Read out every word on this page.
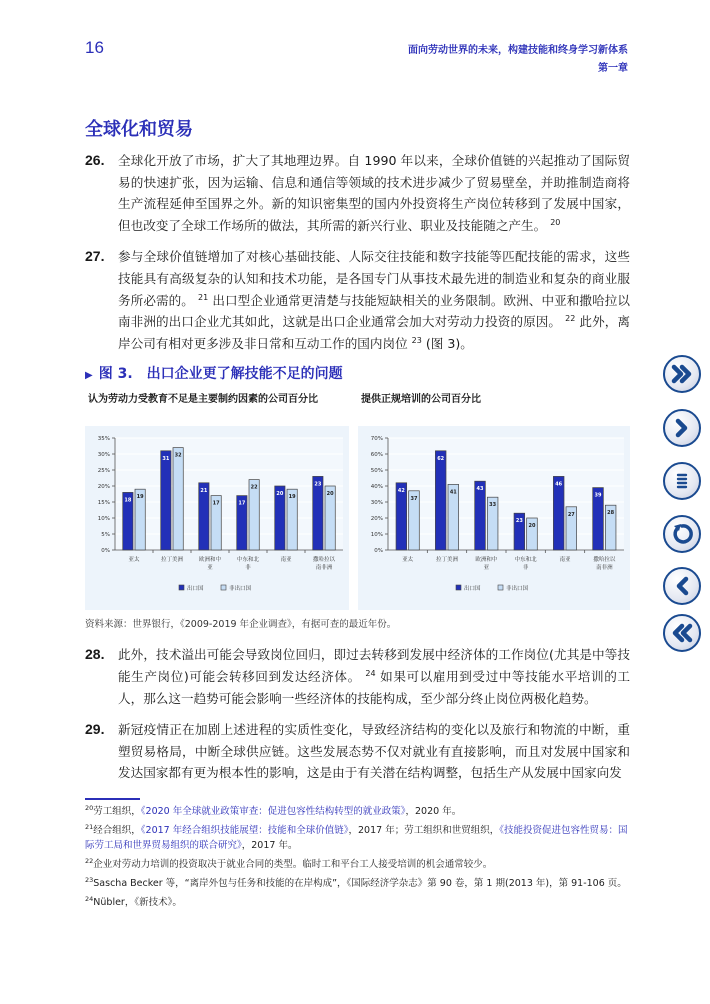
16	面向劳动世界的未来，构建技能和终身学习新体系
第一章
全球化和贸易
26.	全球化开放了市场，扩大了其地理边界。自 1990 年以来，全球价值链的兴起推动了国际贸易的快速扩张，因为运输、信息和通信等领域的技术进步减少了贸易壁垒，并助推制造商将生产流程延伸至国界之外。新的知识密集型的国内外投资将生产岗位转移到了发展中国家，但也改变了全球工作场所的做法，其所需的新兴行业、职业及技能随之产生。 $^{20}$
27.	参与全球价值链增加了对核心基础技能、人际交往技能和数字技能等匹配技能的需求，这些技能具有高级复杂的认知和技术功能，是各国专门从事技术最先进的制造业和复杂的商业服务所必需的。 $^{21}$ 出口型企业通常更清楚与技能短缺相关的业务限制。欧洲、中亚和撒哈拉以南非洲的出口企业尤其如此，这就是出口企业通常会加大对劳动力投资的原因。 $^{22}$ 此外，离岸公司有相对更多涉及非日常和互动工作的国内岗位 $^{23}$ (图 3)。
▶ 图 3. 出口企业更了解技能不足的问题
认为劳动力受教育不足是主要制约因素的公司百分比
0%
5%
10%
15%
20%
25%
30%
35%
18
19
亚太
31
32
拉丁美洲
21
17
欧洲和中
亚
17
22
中东和北
非
20
19
南亚
23
20
撒哈拉以
南非洲
出口国	非出口国
提供正规培训的公司百分比
0%
10%
20%
30%
40%
50%
60%
70%
42
37
亚太
62
41
拉丁美洲
43
33
欧洲和中
亚
23
20
中东和北
非
46
27
南亚
39
28
撒哈拉以
南非洲
出口国	非出口国
资料来源：世界银行，《2009-2019 年企业调查》，有据可查的最近年份。
28.	此外，技术溢出可能会导致岗位回归，即过去转移到发展中经济体的工作岗位(尤其是中等技能生产岗位)可能会转移回到发达经济体。 $^{24}$ 如果可以雇用到受过中等技能水平培训的工人，那么这一趋势可能会影响一些经济体的技能构成，至少部分终止岗位两极化趋势。
29.	新冠疫情正在加剧上述进程的实质性变化，导致经济结构的变化以及旅行和物流的中断，重塑贸易格局，中断全球供应链。这些发展态势不仅对就业有直接影响，而且对发展中国家和发达国家都有更为根本性的影响，这是由于有关潜在结构调整，包括生产从发展中国家向发
$^{20}$劳工组织，《2020 年全球就业政策审查：促进包容性结构转型的就业政策》，2020 年。
$^{21}$经合组织，《2017 年经合组织技能展望：技能和全球价值链》，2017 年；劳工组织和世贸组织，《技能投资促进包容性贸易：国际劳工局和世界贸易组织的联合研究》，2017 年。
$^{22}$企业对劳动力培训的投资取决于就业合同的类型。临时工和平台工人接受培训的机会通常较少。
$^{23}$Sascha Becker 等，“离岸外包与任务和技能的在岸构成”，《国际经济学杂志》第 90 卷，第 1 期(2013 年)，第 91-106 页。
$^{24}$Nübler，《新技术》。
